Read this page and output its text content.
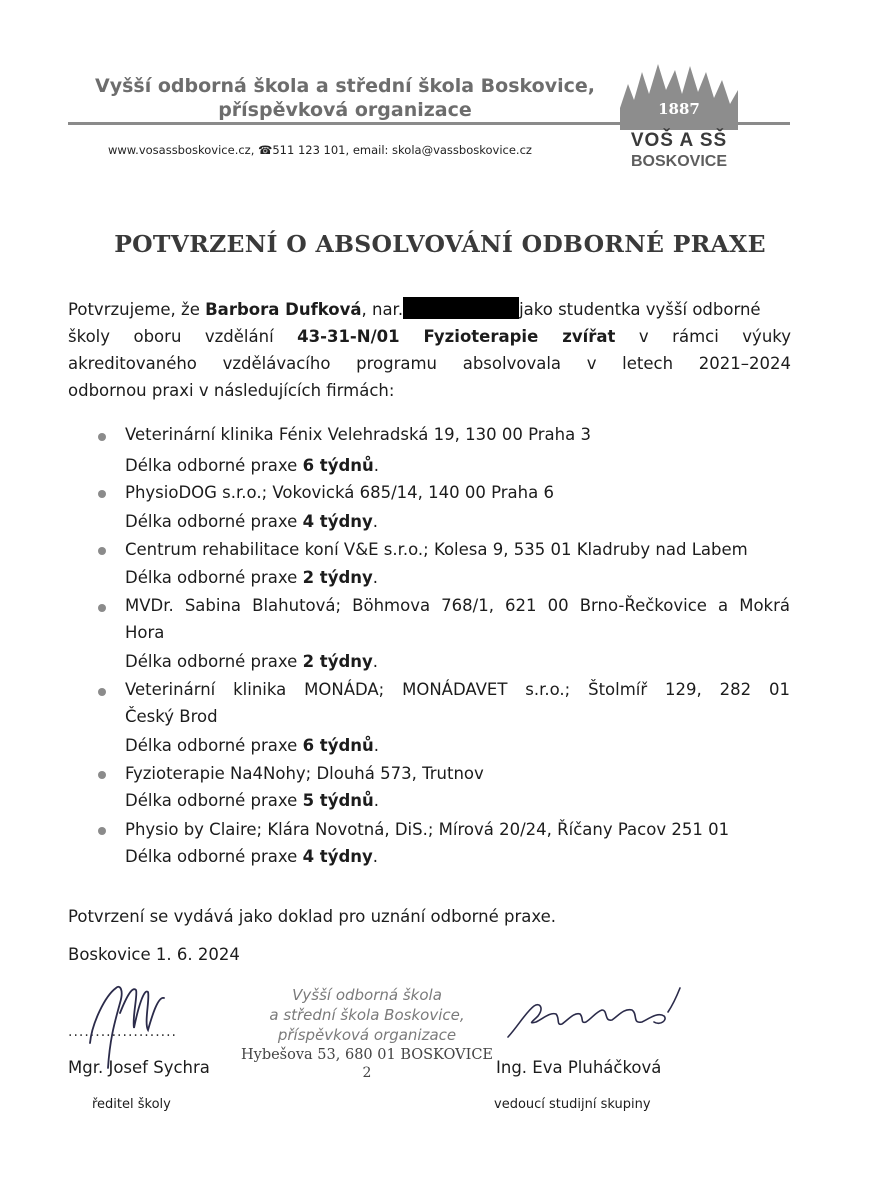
Vyšší odborná škola a střední škola Boskovice,
příspěvková organizace
www.vosassboskovice.cz, ☎511 123 101, email: skola@vassboskovice.cz
1887
VOŠ A SŠ
BOSKOVICE
POTVRZENÍ O ABSOLVOVÁNÍ ODBORNÉ PRAXE
Potvrzujeme, že Barbora Dufková, nar.	jako studentka vyšší odborné
školy oboru vzdělání 43-31-N/01 Fyzioterapie zvířat v rámci výuky
akreditovaného vzdělávacího programu absolvovala v letech 2021–2024
odbornou praxi v následujících firmách:
Veterinární klinika Fénix Velehradská 19, 130 00 Praha 3
Délka odborné praxe 6 týdnů.
PhysioDOG s.r.o.; Vokovická 685/14, 140 00 Praha 6
Délka odborné praxe 4 týdny.
Centrum rehabilitace koní V&E s.r.o.; Kolesa 9, 535 01 Kladruby nad Labem
Délka odborné praxe 2 týdny.
MVDr. Sabina Blahutová; Böhmova 768/1, 621 00 Brno-Řečkovice a Mokrá
Hora
Délka odborné praxe 2 týdny.
Veterinární klinika MONÁDA; MONÁDAVET s.r.o.; Štolmíř 129, 282 01
Český Brod
Délka odborné praxe 6 týdnů.
Fyzioterapie Na4Nohy; Dlouhá 573, Trutnov
Délka odborné praxe 5 týdnů.
Physio by Claire; Klára Novotná, DiS.; Mírová 20/24, Říčany Pacov 251 01
Délka odborné praxe 4 týdny.
Potvrzení se vydává jako doklad pro uznání odborné praxe.
Boskovice 1. 6. 2024
Vyšší odborná škola
a střední škola Boskovice,
příspěvková organizace
Hybešova 53, 680 01 BOSKOVICE
2
....................
Mgr. Josef Sychra
ředitel školy
Ing. Eva Pluháčková
vedoucí studijní skupiny
